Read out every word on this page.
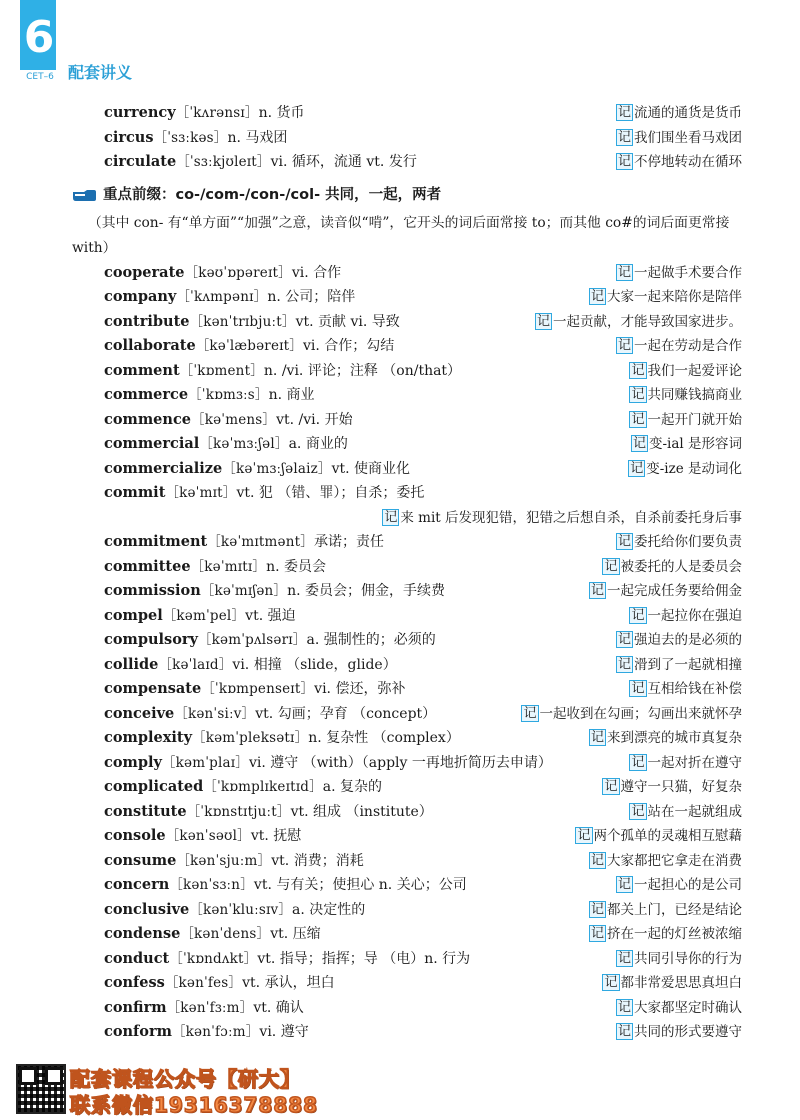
6
CET–6 配套讲义
currency［ˈkʌrənsɪ］n. 货币	记 流通的通货是货币
circus［ˈsɜːkəs］n. 马戏团	记 我们围坐看马戏团
circulate［ˈsɜːkjʊleɪt］vi. 循环，流通 vt. 发行	记 不停地转动在循环
重点前缀：co-/com-/con-/col- 共同，一起，两者

（其中 con- 有“单方面”“加强”之意，读音似“啃”，它开头的词后面常接 to；而其他 co#的词后面更常接 with）

cooperate［kəʊˈɒpəreɪt］vi. 合作	记 一起做手术要合作
company［ˈkʌmpənɪ］n. 公司；陪伴	记 大家一起来陪你是陪伴
contribute［kənˈtrɪbjuːt］vt. 贡献 vi. 导致	记 一起贡献，才能导致国家进步。
collaborate［kəˈlæbəreɪt］vi. 合作；勾结	记 一起在劳动是合作
comment［ˈkɒment］n. /vi. 评论；注释 （on/that）	记 我们一起爱评论
commerce［ˈkɒmɜːs］n. 商业	记 共同赚钱搞商业
commence［kəˈmens］vt. /vi. 开始	记 一起开门就开始
commercial［kəˈmɜːʃəl］a. 商业的	记 变-ial 是形容词
commercialize［kəˈmɜːʃəlaiz］vt. 使商业化	记 变-ize 是动词化
commit［kəˈmɪt］vt. 犯 （错、罪）；自杀；委托
记 来 mit 后发现犯错，犯错之后想自杀，自杀前委托身后事
commitment［kəˈmɪtmənt］承诺；责任	记 委托给你们要负责
committee［kəˈmɪtɪ］n. 委员会	记 被委托的人是委员会
commission［kəˈmɪʃən］n. 委员会；佣金，手续费	记 一起完成任务要给佣金
compel［kəmˈpel］vt. 强迫	记 一起拉你在强迫
compulsory［kəmˈpʌlsərɪ］a. 强制性的；必须的	记 强迫去的是必须的
collide［kəˈlaɪd］vi. 相撞 （slide，glide）	记 滑到了一起就相撞
compensate［ˈkɒmpenseɪt］vi. 偿还，弥补	记 互相给钱在补偿
conceive［kənˈsiːv］vt. 勾画；孕育 （concept）	记 一起收到在勾画；勾画出来就怀孕
complexity［kəmˈpleksətɪ］n. 复杂性 （complex）	记 来到漂亮的城市真复杂
comply［kəmˈplaɪ］vi. 遵守 （with）（apply 一再地折简历去申请）	记 一起对折在遵守
complicated［ˈkɒmplɪkeɪtɪd］a. 复杂的	记 遵守一只猫，好复杂
constitute［ˈkɒnstɪtjuːt］vt. 组成 （institute）	记 站在一起就组成
console［kənˈsəʊl］vt. 抚慰	记 两个孤单的灵魂相互慰藉
consume［kənˈsjuːm］vt. 消费；消耗	记 大家都把它拿走在消费
concern［kənˈsɜːn］vt. 与有关；使担心 n. 关心；公司	记 一起担心的是公司
conclusive［kənˈkluːsɪv］a. 决定性的	记 都关上门，已经是结论
condense［kənˈdens］vt. 压缩	记 挤在一起的灯丝被浓缩
conduct［ˈkɒndʌkt］vt. 指导；指挥；导 （电）n. 行为	记 共同引导你的行为
confess［kənˈfes］vt. 承认，坦白	记 都非常爱思思真坦白
confirm［kənˈfɜːm］vt. 确认	记 大家都坚定时确认
conform［kənˈfɔːm］vi. 遵守	记 共同的形式要遵守
配套课程公众号【研大】
联系微信19316378888
